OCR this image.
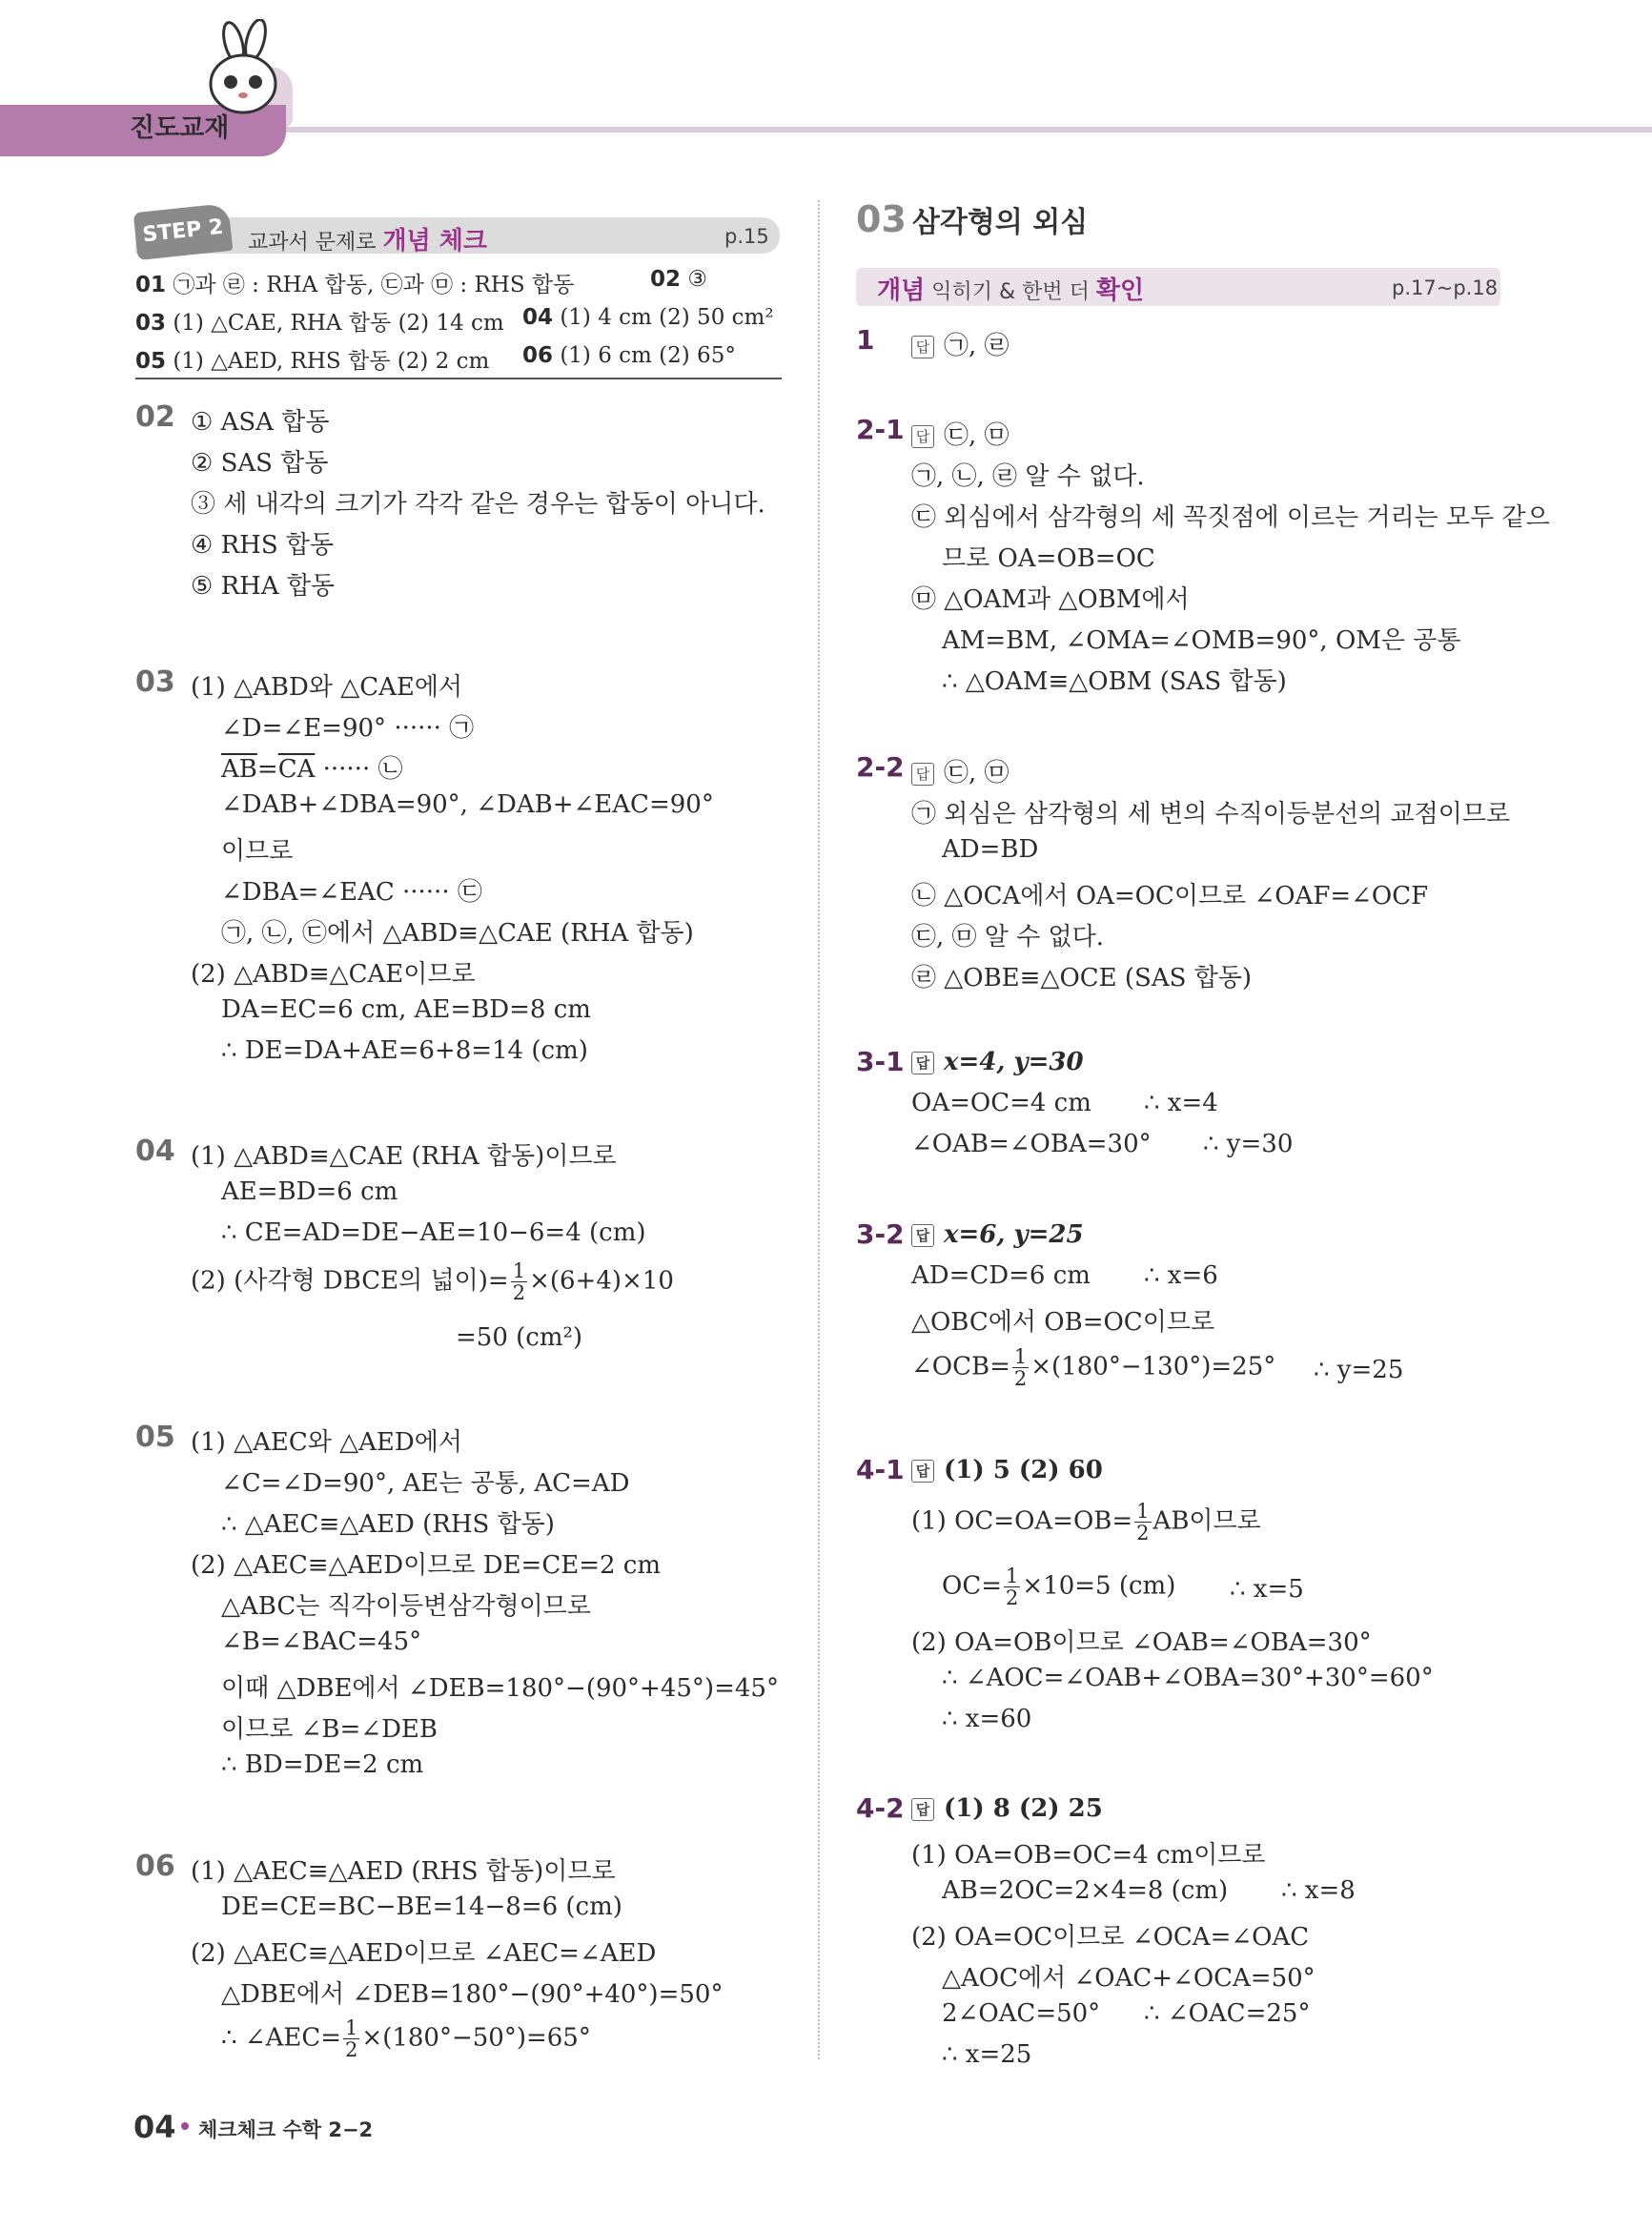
진도교재
STEP 2	교과서 문제로 개념 체크	p.15
01 ㉠과 ㉣ : RHA 합동, ㉢과 ㉤ : RHS 합동	02 ③
03 (1) △CAE, RHA 합동 (2) 14 cm 04 (1) 4 cm (2) 50 cm²
05 (1) △AED, RHS 합동 (2) 2 cm 06 (1) 6 cm (2) 65°
02 ① ASA 합동
② SAS 합동
③ 세 내각의 크기가 각각 같은 경우는 합동이 아니다.
④ RHS 합동
⑤ RHA 합동
03 (1) △ABD와 △CAE에서
∠D=∠E=90° ······ ㉠
$\overline{AB}=\overline{CA}$ ······ ㉡
∠DAB+∠DBA=90°, ∠DAB+∠EAC=90°
이므로
∠DBA=∠EAC ······ ㉢
㉠, ㉡, ㉢에서 △ABD≡△CAE (RHA 합동)
(2) △ABD≡△CAE이므로
DA=EC=6 cm, AE=BD=8 cm
∴ DE=DA+AE=6+8=14 (cm)
04 (1) △ABD≡△CAE (RHA 합동)이므로
AE=BD=6 cm
∴ CE=AD=DE−AE=10−6=4 (cm)
(2) (사각형 DBCE의 넓이)= $\frac{1}{2} \times(6+4)\times 10$
=50 (cm²)
05 (1) △AEC와 △AED에서
∠C=∠D=90°, AE는 공통, AC=AD
∴ △AEC≡△AED (RHS 합동)
(2) △AEC≡△AED이므로 DE=CE=2 cm
△ABC는 직각이등변삼각형이므로
∠B=∠BAC=45°
이때 △DBE에서 ∠DEB=180°−(90°+45°)=45°
이므로 ∠B=∠DEB
∴ BD=DE=2 cm
06 (1) △AEC≡△AED (RHS 합동)이므로
DE=CE=BC−BE=14−8=6 (cm)
(2) △AEC≡△AED이므로 ∠AEC=∠AED
△DBE에서 ∠DEB=180°−(90°+40°)=50°
∴ ∠AEC= $\frac{1}{2} \times(180^\circ-50^\circ)=65^\circ$
03 삼각형의 외심
개념 익히기 & 한번 더 확인	p.17~p.18
1	답 ㉠, ㉣
2-1 답 ㉢, ㉤
㉠, ㉡, ㉣ 알 수 없다.
㉢ 외심에서 삼각형의 세 꼭짓점에 이르는 거리는 모두 같으
므로 OA=OB=OC
㉤ △OAM과 △OBM에서
AM=BM, ∠OMA=∠OMB=90°, OM은 공통
∴ △OAM≡△OBM (SAS 합동)
2-2 답 ㉢, ㉤
㉠ 외심은 삼각형의 세 변의 수직이등분선의 교점이므로
AD=BD
㉡ △OCA에서 OA=OC이므로 ∠OAF=∠OCF
㉢, ㉤ 알 수 없다.
㉣ △OBE≡△OCE (SAS 합동)
3-1 답 x=4, y=30
OA=OC=4 cm ∴ x=4
∠OAB=∠OBA=30° ∴ y=30
3-2 답 x=6, y=25
AD=CD=6 cm ∴ x=6
△OBC에서 OB=OC이므로
∠OCB= $\frac{1}{2} \times(180^\circ-130^\circ)=25^\circ$ ∴ y=25
4-1 답 (1) 5 (2) 60
(1) $OC=OA=OB= \frac{1}{2}$ AB이므로
$OC= \frac{1}{2} \times 10=5$ (cm) ∴ x=5
(2) OA=OB이므로 ∠OAB=∠OBA=30°
∴ ∠AOC=∠OAB+∠OBA=30°+30°=60°
∴ x=60
4-2 답 (1) 8 (2) 25
(1) OA=OB=OC=4 cm이므로
AB=2OC=2×4=8 (cm) ∴ x=8
(2) OA=OC이므로 ∠OCA=∠OAC
△AOC에서 ∠OAC+∠OCA=50°
2∠OAC=50° ∴ ∠OAC=25°
∴ x=25
04 체크체크 수학 2−2
